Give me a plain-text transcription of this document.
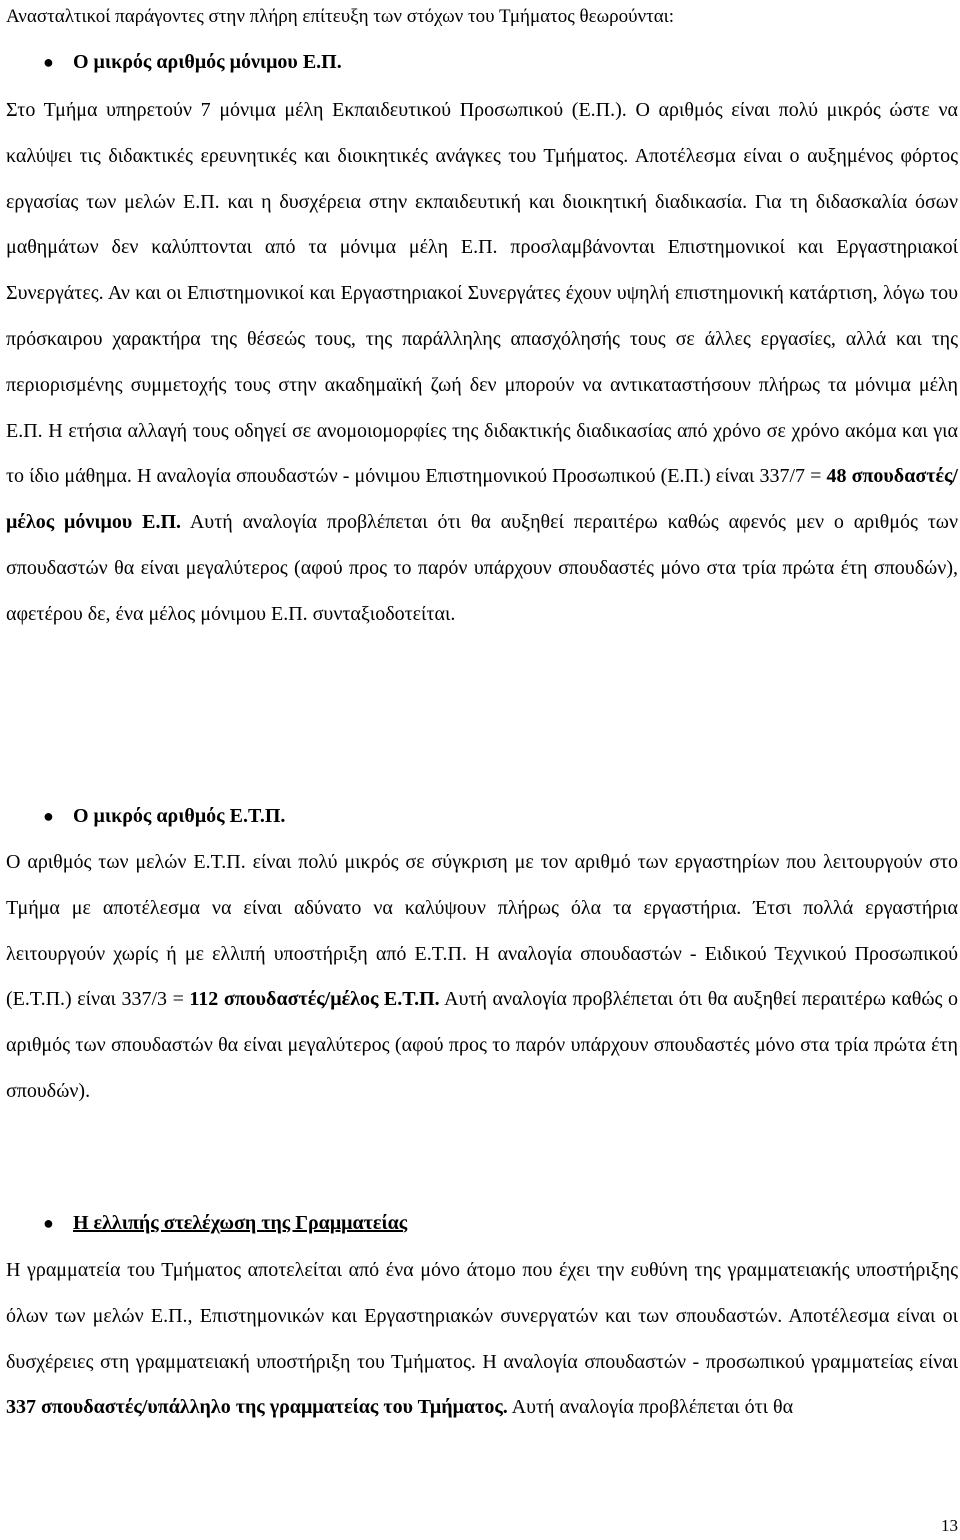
Ανασταλτικοί παράγοντες στην πλήρη επίτευξη των στόχων του Τμήματος θεωρούνται:
● Ο μικρός αριθμός μόνιμου Ε.Π.
Στο Τμήμα υπηρετούν 7 μόνιμα μέλη Εκπαιδευτικού Προσωπικού (Ε.Π.). Ο αριθμός είναι πολύ μικρός ώστε να καλύψει τις διδακτικές ερευνητικές και διοικητικές ανάγκες του Τμήματος. Αποτέλεσμα είναι ο αυξημένος φόρτος εργασίας των μελών Ε.Π. και η δυσχέρεια στην εκπαιδευτική και διοικητική διαδικασία. Για τη διδασκαλία όσων μαθημάτων δεν καλύπτονται από τα μόνιμα μέλη Ε.Π. προσλαμβάνονται Επιστημονικοί και Εργαστηριακοί Συνεργάτες. Αν και οι Επιστημονικοί και Εργαστηριακοί Συνεργάτες έχουν υψηλή επιστημονική κατάρτιση, λόγω του πρόσκαιρου χαρακτήρα της θέσεώς τους, της παράλληλης απασχόλησής τους σε άλλες εργασίες, αλλά και της περιορισμένης συμμετοχής τους στην ακαδημαϊκή ζωή δεν μπορούν να αντικαταστήσουν πλήρως τα μόνιμα μέλη Ε.Π. Η ετήσια αλλαγή τους οδηγεί σε ανομοιομορφίες της διδακτικής διαδικασίας από χρόνο σε χρόνο ακόμα και για το ίδιο μάθημα. Η αναλογία σπουδαστών - μόνιμου Επιστημονικού Προσωπικού (Ε.Π.) είναι 337/7 = 48 σπουδαστές/μέλος μόνιμου Ε.Π. Αυτή αναλογία προβλέπεται ότι θα αυξηθεί περαιτέρω καθώς αφενός μεν ο αριθμός των σπουδαστών θα είναι μεγαλύτερος (αφού προς το παρόν υπάρχουν σπουδαστές μόνο στα τρία πρώτα έτη σπουδών), αφετέρου δε, ένα μέλος μόνιμου Ε.Π. συνταξιοδοτείται.
● Ο μικρός αριθμός Ε.Τ.Π.
Ο αριθμός των μελών Ε.Τ.Π. είναι πολύ μικρός σε σύγκριση με τον αριθμό των εργαστηρίων που λειτουργούν στο Τμήμα με αποτέλεσμα να είναι αδύνατο να καλύψουν πλήρως όλα τα εργαστήρια. Έτσι πολλά εργαστήρια λειτουργούν χωρίς ή με ελλιπή υποστήριξη από Ε.Τ.Π. Η αναλογία σπουδαστών - Ειδικού Τεχνικού Προσωπικού (Ε.Τ.Π.) είναι 337/3 = 112 σπουδαστές/μέλος Ε.Τ.Π. Αυτή αναλογία προβλέπεται ότι θα αυξηθεί περαιτέρω καθώς ο αριθμός των σπουδαστών θα είναι μεγαλύτερος (αφού προς το παρόν υπάρχουν σπουδαστές μόνο στα τρία πρώτα έτη σπουδών).
● Η ελλιπής στελέχωση της Γραμματείας
Η γραμματεία του Τμήματος αποτελείται από ένα μόνο άτομο που έχει την ευθύνη της γραμματειακής υποστήριξης όλων των μελών Ε.Π., Επιστημονικών και Εργαστηριακών συνεργατών και των σπουδαστών. Αποτέλεσμα είναι οι δυσχέρειες στη γραμματειακή υποστήριξη του Τμήματος. Η αναλογία σπουδαστών - προσωπικού γραμματείας είναι 337 σπουδαστές/υπάλληλο της γραμματείας του Τμήματος. Αυτή αναλογία προβλέπεται ότι θα
13
